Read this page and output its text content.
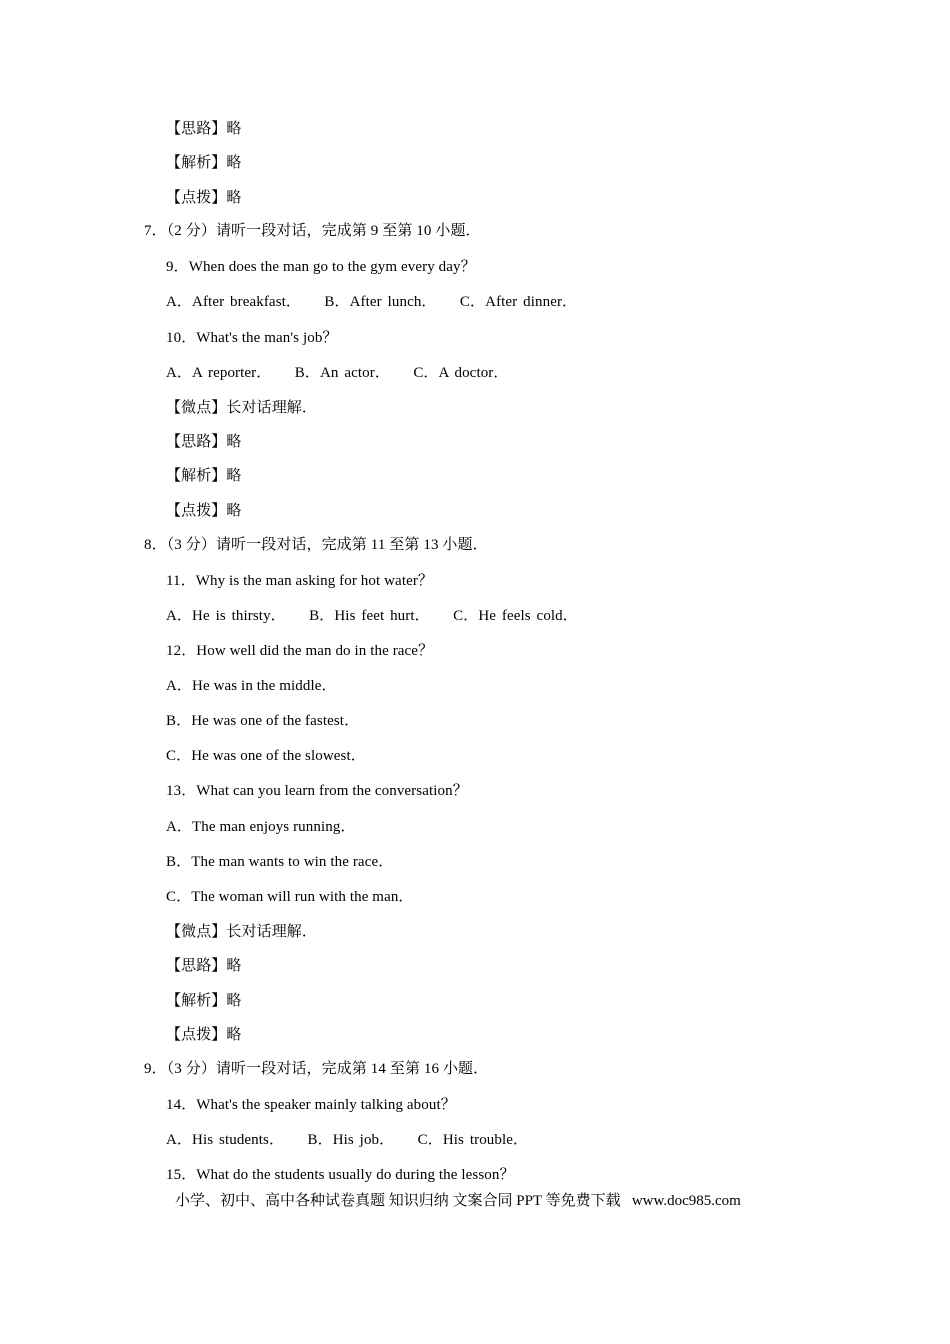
【思路】略
【解析】略
【点拨】略
7．（2 分）请听一段对话，完成第 9 至第 10 小题．
9．When does the man go to the gym every day？
A．After breakfast．    B．After lunch．    C．After dinner．
10．What's the man's job？
A．A reporter．    B．An actor．    C．A doctor．
【微点】长对话理解．
【思路】略
【解析】略
【点拨】略
8．（3 分）请听一段对话，完成第 11 至第 13 小题．
11．Why is the man asking for hot water？
A．He is thirsty．    B．His feet hurt．    C．He feels cold．
12．How well did the man do in the race？
A．He was in the middle．
B．He was one of the fastest．
C．He was one of the slowest．
13．What can you learn from the conversation？
A．The man enjoys running．
B．The man wants to win the race．
C．The woman will run with the man．
【微点】长对话理解．
【思路】略
【解析】略
【点拨】略
9．（3 分）请听一段对话，完成第 14 至第 16 小题．
14．What's the speaker mainly talking about？
A．His students．    B．His job．    C．His trouble．
15．What do the students usually do during the lesson？
小学、初中、高中各种试卷真题 知识归纳 文案合同 PPT 等免费下载   www.doc985.com
